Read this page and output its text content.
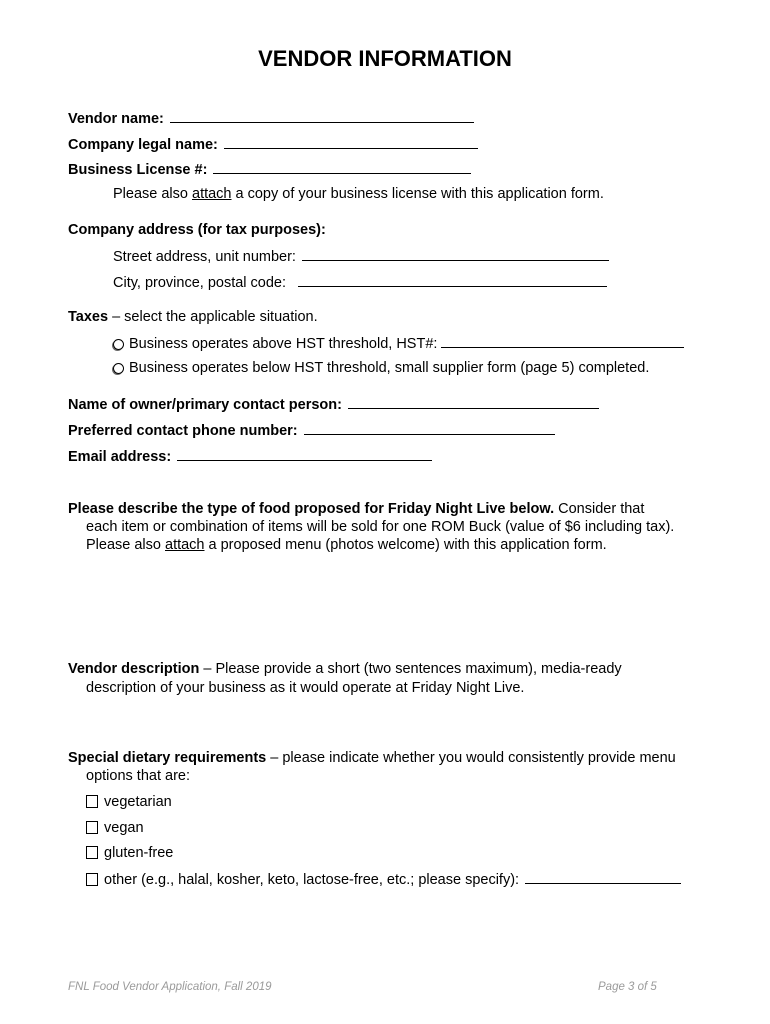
VENDOR INFORMATION
Vendor name:
Company legal name:
Business License #:
Please also attach a copy of your business license with this application form.
Company address (for tax purposes):
Street address, unit number:
City, province, postal code:
Taxes – select the applicable situation.
Business operates above HST threshold, HST#:
Business operates below HST threshold, small supplier form (page 5) completed.
Name of owner/primary contact person:
Preferred contact phone number:
Email address:
Please describe the type of food proposed for Friday Night Live below. Consider that
each item or combination of items will be sold for one ROM Buck (value of $6 including tax).
Please also attach a proposed menu (photos welcome) with this application form.
Vendor description – Please provide a short (two sentences maximum), media-ready
description of your business as it would operate at Friday Night Live.
Special dietary requirements – please indicate whether you would consistently provide menu
options that are:
vegetarian
vegan
gluten-free
other (e.g., halal, kosher, keto, lactose-free, etc.; please specify):
FNL Food Vendor Application, Fall 2019	Page 3 of 5
